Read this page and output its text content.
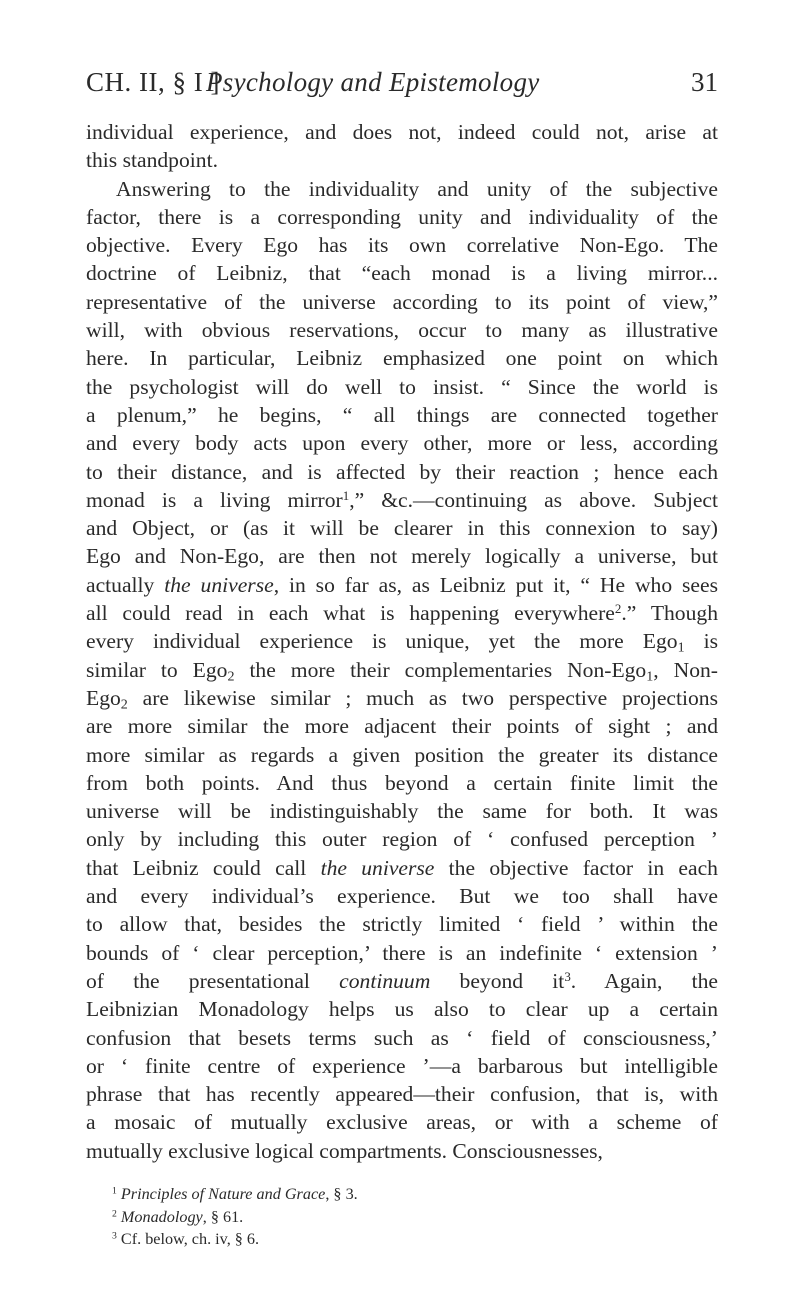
CH. II, § I ]
Psychology and Epistemology	31

individual experience, and does not, indeed could not, arise at

this standpoint.

Answering to the individuality and unity of the subjective

factor, there is a corresponding unity and individuality of the

objective. Every Ego has its own correlative Non-Ego. The

doctrine of Leibniz, that “each monad is a living mirror...

representative of the universe according to its point of view,”

will, with obvious reservations, occur to many as illustrative

here. In particular, Leibniz emphasized one point on which

the psychologist will do well to insist. “ Since the world is

a plenum,” he begins, “ all things are connected together

and every body acts upon every other, more or less, according

to their distance, and is affected by their reaction ; hence each

monad is a living mirror$^1$,” &c.—continuing as above. Subject

and Object, or (as it will be clearer in this connexion to say)

Ego and Non-Ego, are then not merely logically a universe, but

actually the universe, in so far as, as Leibniz put it, “ He who sees

all could read in each what is happening everywhere$^2$.” Though

every individual experience is unique, yet the more Ego$_1$ is

similar to Ego$_2$ the more their complementaries Non-Ego$_1$, Non-

Ego$_2$ are likewise similar ; much as two perspective projections

are more similar the more adjacent their points of sight ; and

more similar as regards a given position the greater its distance

from both points. And thus beyond a certain finite limit the

universe will be indistinguishably the same for both. It was

only by including this outer region of ‘ confused perception ’

that Leibniz could call the universe the objective factor in each

and every individual’s experience. But we too shall have

to allow that, besides the strictly limited ‘ field ’ within the

bounds of ‘ clear perception,’ there is an indefinite ‘ extension ’

of the presentational continuum beyond $it^3$. Again, the

Leibnizian Monadology helps us also to clear up a certain

confusion that besets terms such as ‘ field of consciousness,’

or ‘ finite centre of experience ’—a barbarous but intelligible

phrase that has recently appeared—their confusion, that is, with

a mosaic of mutually exclusive areas, or with a scheme of

mutually exclusive logical compartments. Consciousnesses,

$^1$ Principles of Nature and Grace, § 3.
$^2$ Monadology, § 61.
$^3$ Cf. below, ch. iv, § 6.
